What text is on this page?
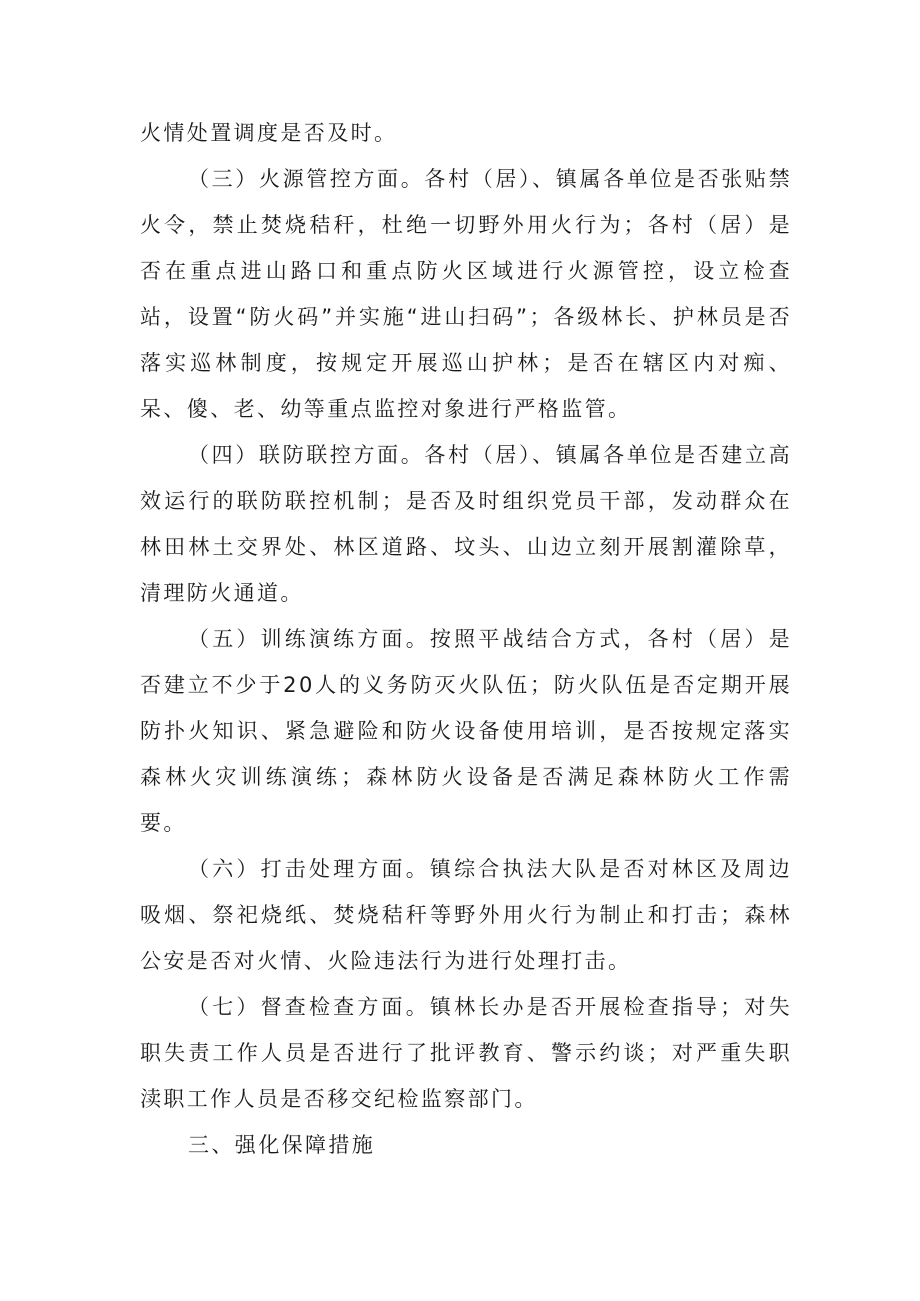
火情处置调度是否及时。

（三）火源管控方面。各村（居）、镇属各单位是否张贴禁火令，禁止焚烧秸秆，杜绝一切野外用火行为；各村（居）是否在重点进山路口和重点防火区域进行火源管控，设立检查站，设置“防火码”并实施“进山扫码”；各级林长、护林员是否落实巡林制度，按规定开展巡山护林；是否在辖区内对痴、呆、傻、老、幼等重点监控对象进行严格监管。

（四）联防联控方面。各村（居）、镇属各单位是否建立高效运行的联防联控机制；是否及时组织党员干部，发动群众在林田林土交界处、林区道路、坟头、山边立刻开展割灌除草，清理防火通道。

（五）训练演练方面。按照平战结合方式，各村（居）是否建立不少于20人的义务防灭火队伍；防火队伍是否定期开展防扑火知识、紧急避险和防火设备使用培训，是否按规定落实森林火灾训练演练；森林防火设备是否满足森林防火工作需要。

（六）打击处理方面。镇综合执法大队是否对林区及周边吸烟、祭祀烧纸、焚烧秸秆等野外用火行为制止和打击；森林公安是否对火情、火险违法行为进行处理打击。

（七）督查检查方面。镇林长办是否开展检查指导；对失职失责工作人员是否进行了批评教育、警示约谈；对严重失职渎职工作人员是否移交纪检监察部门。

三、强化保障措施
